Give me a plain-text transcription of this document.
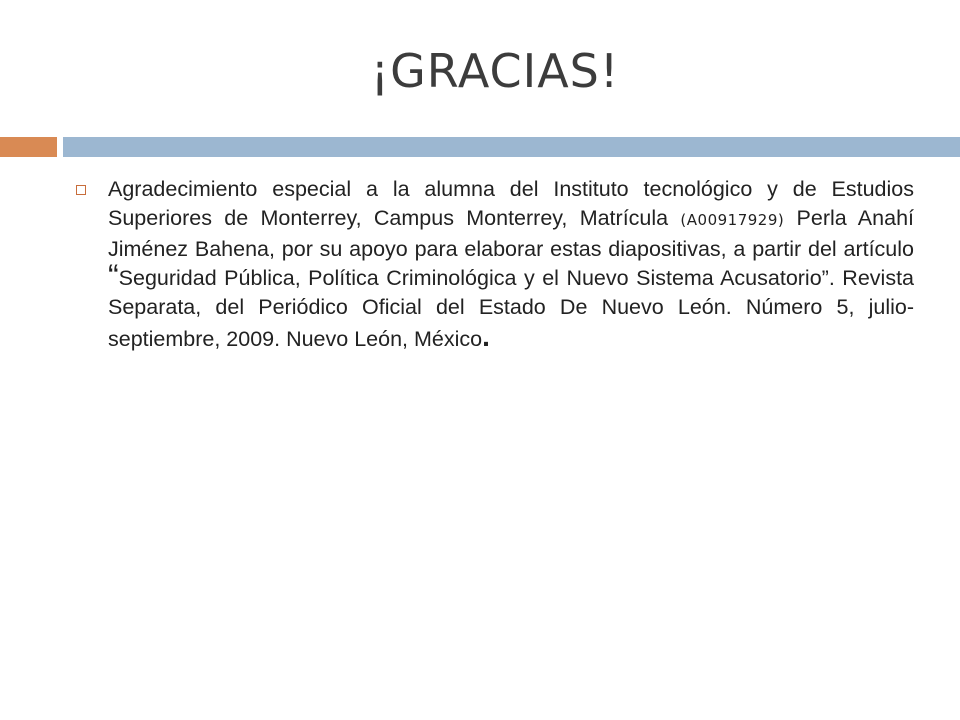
¡GRACIAS!
Agradecimiento especial a la alumna del Instituto tecnológico y de Estudios Superiores de Monterrey, Campus Monterrey, Matrícula (A00917929) Perla Anahí Jiménez Bahena, por su apoyo para elaborar estas diapositivas, a partir del artículo “Seguridad Pública, Política Criminológica y el Nuevo Sistema Acusatorio”. Revista Separata, del Periódico Oficial del Estado De Nuevo León. Número 5, julio-septiembre, 2009. Nuevo León, México.
